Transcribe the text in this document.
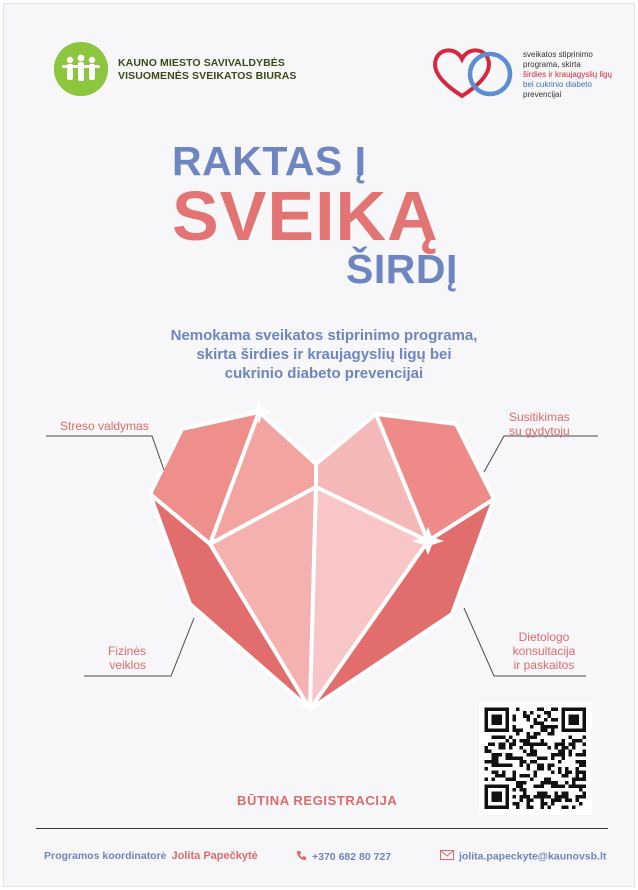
KAUNO MIESTO SAVIVALDYBĖS
VISUOMENĖS SVEIKATOS BIURAS
sveikatos stiprinimo
programa, skirta
širdies ir kraujagyslių ligų
bei cukrinio diabeto
prevencijai
RAKTAS Į
SVEIKĄ
ŠIRDĮ
Nemokama sveikatos stiprinimo programa,
skirta širdies ir kraujagyslių ligų bei
cukrinio diabeto prevencijai
Streso valdymas
Susitikimas
su gydytoju
Fizinės
veiklos
Dietologo
konsultacija
ir paskaitos
BŪTINA REGISTRACIJA
Programos koordinatorė Jolita Papečkytė	+370 682 80 727	jolita.papeckyte@kaunovsb.lt
